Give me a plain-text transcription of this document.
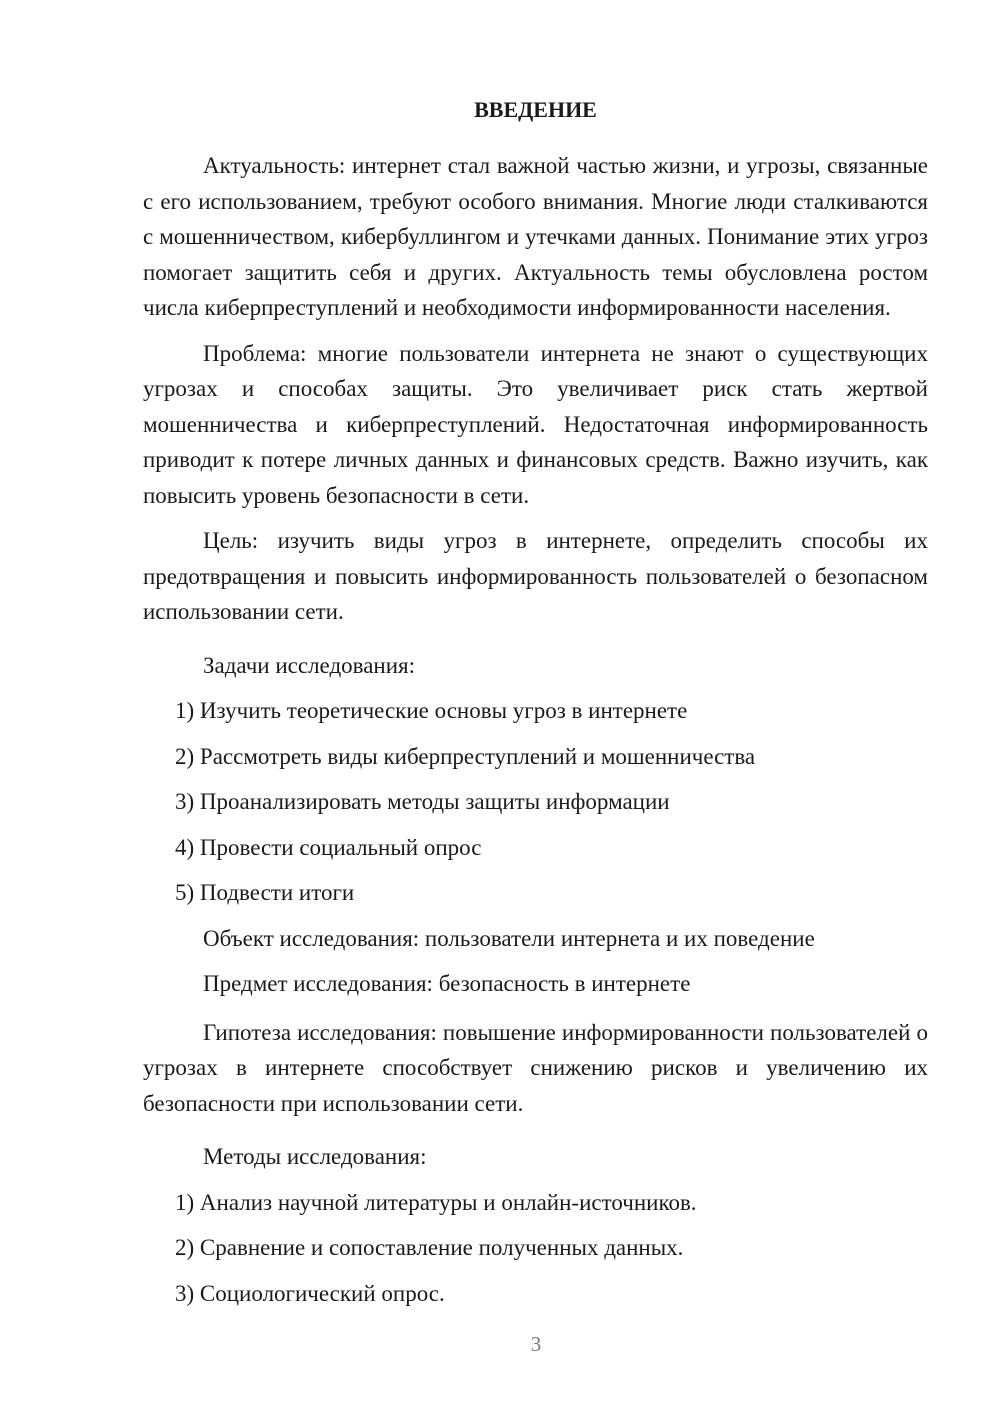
ВВЕДЕНИЕ

Актуальность: интернет стал важной частью жизни, и угрозы, связанные с его использованием, требуют особого внимания. Многие люди сталкиваются с мошенничеством, кибербуллингом и утечками данных. Понимание этих угроз помогает защитить себя и других. Актуальность темы обусловлена ростом числа киберпреступлений и необходимости информированности населения.

Проблема: многие пользователи интернета не знают о существующих угрозах и способах защиты. Это увеличивает риск стать жертвой мошенничества и киберпреступлений. Недостаточная информированность приводит к потере личных данных и финансовых средств. Важно изучить, как повысить уровень безопасности в сети.

Цель: изучить виды угроз в интернете, определить способы их предотвращения и повысить информированность пользователей о безопасном использовании сети.

Задачи исследования:
1) Изучить теоретические основы угроз в интернете
2) Рассмотреть виды киберпреступлений и мошенничества
3) Проанализировать методы защиты информации
4) Провести социальный опрос
5) Подвести итоги
Объект исследования: пользователи интернета и их поведение
Предмет исследования: безопасность в интернете

Гипотеза исследования: повышение информированности пользователей о угрозах в интернете способствует снижению рисков и увеличению их безопасности при использовании сети.

Методы исследования:
1) Анализ научной литературы и онлайн-источников.
2) Сравнение и сопоставление полученных данных.
3) Социологический опрос.
3
